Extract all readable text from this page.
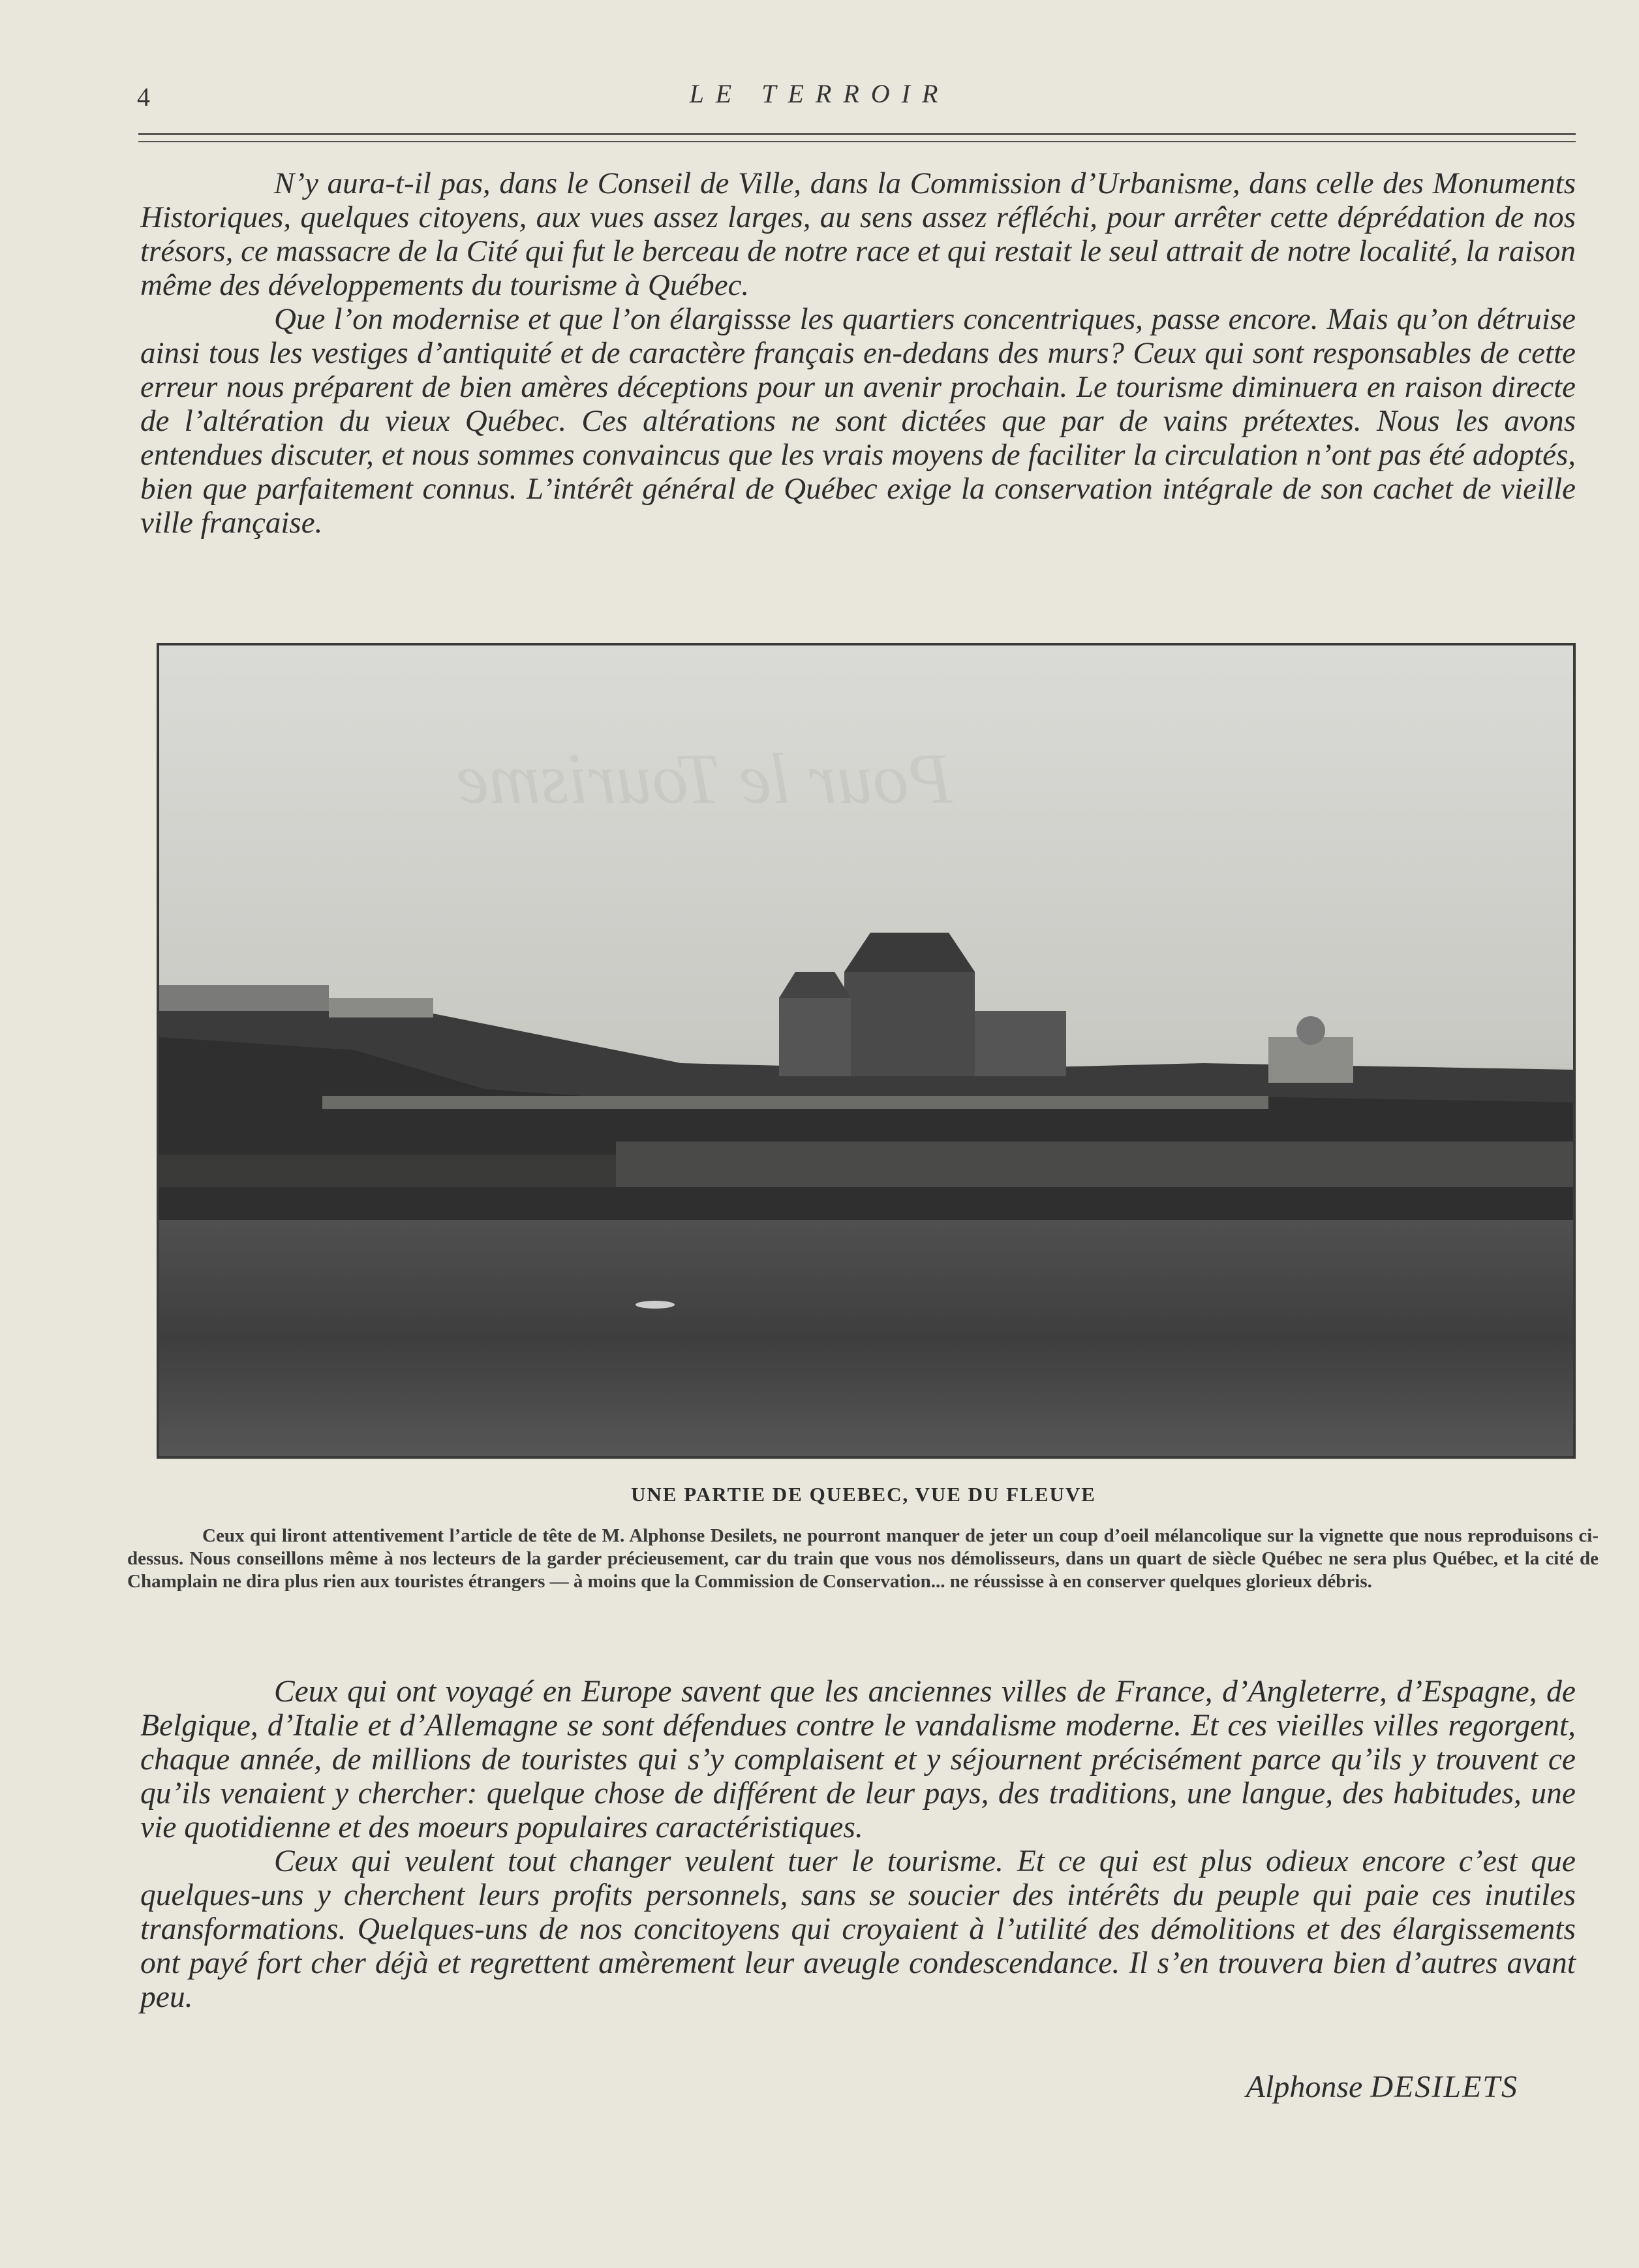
4	LE TERROIR

N’y aura-t-il pas, dans le Conseil de Ville, dans la Commission d’Urbanisme, dans celle des Monuments Historiques, quelques citoyens, aux vues assez larges, au sens assez réfléchi, pour arrêter cette déprédation de nos trésors, ce massacre de la Cité qui fut le berceau de notre race et qui restait le seul attrait de notre localité, la raison même des développements du tourisme à Québec.

Que l’on modernise et que l’on élargissse les quartiers concentriques, passe encore. Mais qu’on détruise ainsi tous les vestiges d’antiquité et de caractère français en-dedans des murs? Ceux qui sont responsables de cette erreur nous préparent de bien amères déceptions pour un avenir prochain. Le tourisme diminuera en raison directe de l’altération du vieux Québec. Ces altérations ne sont dictées que par de vains prétextes. Nous les avons entendues discuter, et nous sommes convaincus que les vrais moyens de faciliter la circulation n’ont pas été adoptés, bien que parfaitement connus. L’intérêt général de Québec exige la conservation intégrale de son cachet de vieille ville française.

UNE PARTIE DE QUEBEC, VUE DU FLEUVE
Ceux qui liront attentivement l’article de tête de M. Alphonse Desilets, ne pourront manquer de jeter un coup d’oeil mélancolique sur la vignette que nous reproduisons ci-dessus. Nous conseillons même à nos lecteurs de la garder précieusement, car du train que vous nos démolisseurs, dans un quart de siècle Québec ne sera plus Québec, et la cité de Champlain ne dira plus rien aux touristes étrangers — à moins que la Commission de Conservation... ne réussisse à en conserver quelques glorieux débris.

Ceux qui ont voyagé en Europe savent que les anciennes villes de France, d’Angleterre, d’Espagne, de Belgique, d’Italie et d’Allemagne se sont défendues contre le vandalisme moderne. Et ces vieilles villes regorgent, chaque année, de millions de touristes qui s’y complaisent et y séjournent précisément parce qu’ils y trouvent ce qu’ils venaient y chercher: quelque chose de différent de leur pays, des traditions, une langue, des habitudes, une vie quotidienne et des moeurs populaires caractéristiques.

Ceux qui veulent tout changer veulent tuer le tourisme. Et ce qui est plus odieux encore c’est que quelques-uns y cherchent leurs profits personnels, sans se soucier des intérêts du peuple qui paie ces inutiles transformations. Quelques-uns de nos concitoyens qui croyaient à l’utilité des démolitions et des élargissements ont payé fort cher déjà et regrettent amèrement leur aveugle condescendance. Il s’en trouvera bien d’autres avant peu.

Alphonse DESILETS
Pour le Tourisme
